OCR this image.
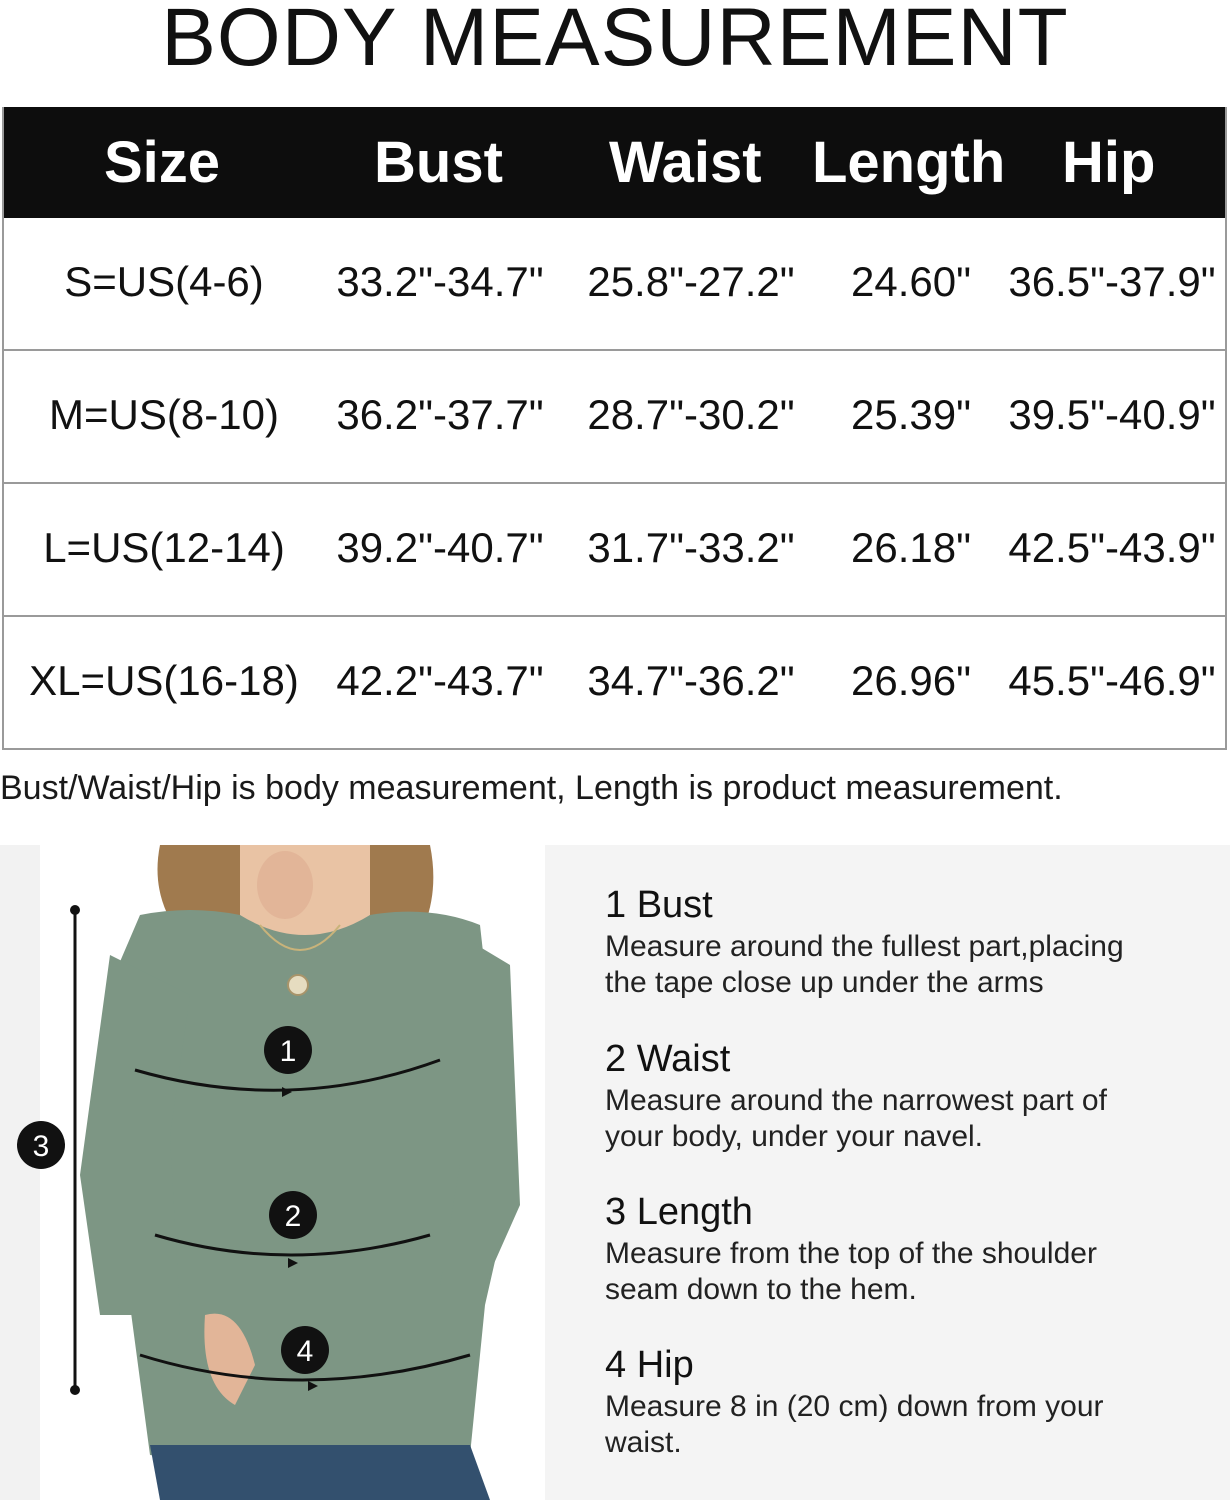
BODY MEASUREMENT
Size	Bust Waist Length Hip
S=US(4-6)	33.2"-34.7"	25.8"-27.2"	24.60" 36.5"-37.9"
M=US(8-10)	36.2"-37.7"	28.7"-30.2"	25.39" 39.5"-40.9"
L=US(12-14)	39.2"-40.7"	31.7"-33.2"	26.18" 42.5"-43.9"
XL=US(16-18) 42.2"-43.7"	34.7"-36.2"	26.96" 45.5"-46.9"
Bust/Waist/Hip is body measurement, Length is product measurement.
1
2
4
3
1 Bust
Measure around the fullest part,placing
the tape close up under the arms
2 Waist
Measure around the narrowest part of
your body, under your navel.
3 Length
Measure from the top of the shoulder
seam down to the hem.
4 Hip
Measure 8 in (20 cm) down from your
waist.
